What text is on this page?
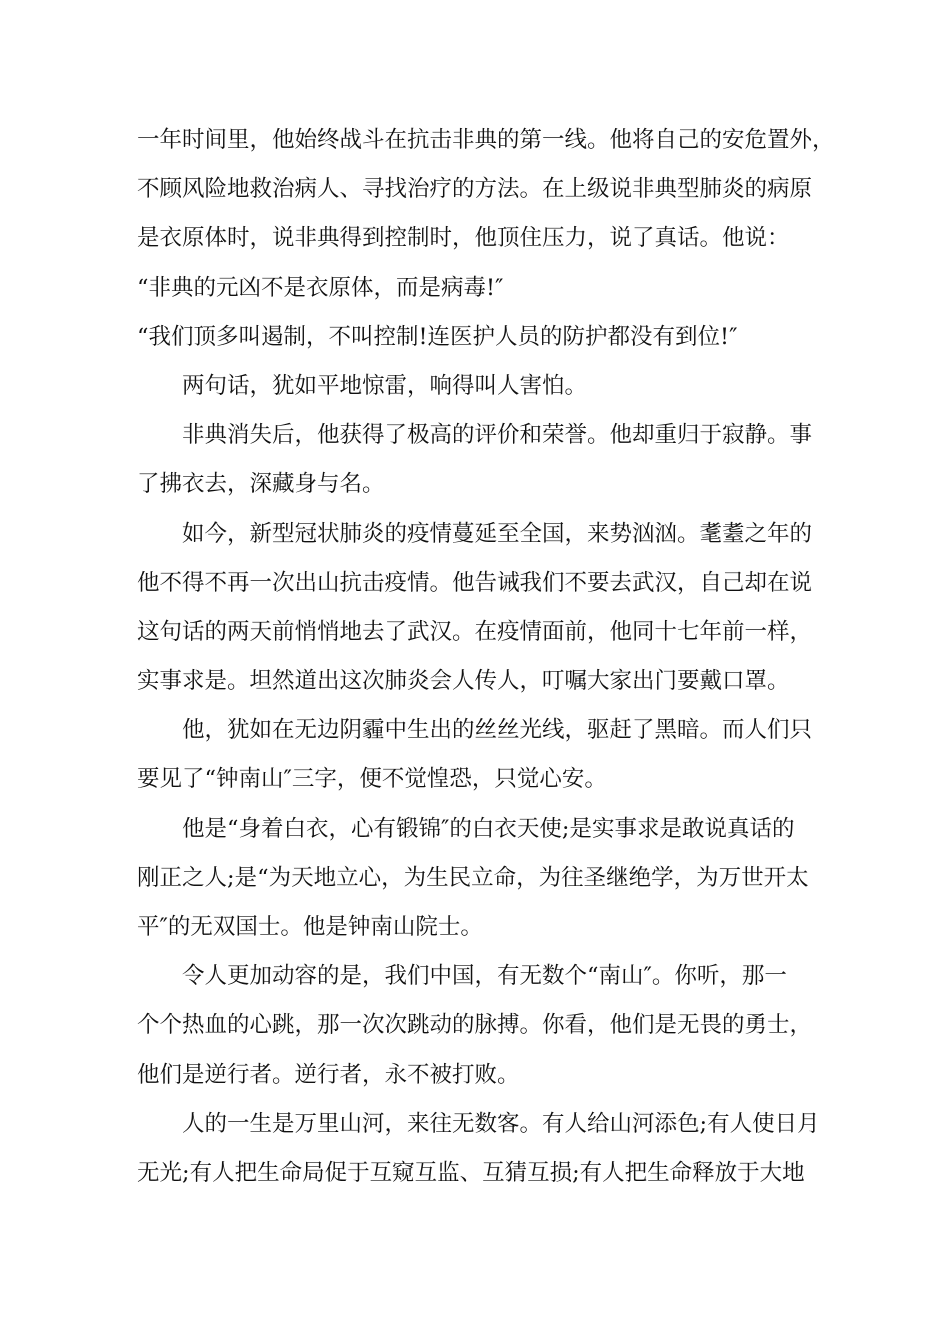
一年时间里，他始终战斗在抗击非典的第一线。他将自己的安危置外，
不顾风险地救治病人、寻找治疗的方法。在上级说非典型肺炎的病原
是衣原体时，说非典得到控制时，他顶住压力，说了真话。他说：
“非典的元凶不是衣原体，而是病毒!″
“我们顶多叫遏制，不叫控制!连医护人员的防护都没有到位!″
两句话，犹如平地惊雷，响得叫人害怕。
非典消失后，他获得了极高的评价和荣誉。他却重归于寂静。事
了拂衣去，深藏身与名。
如今，新型冠状肺炎的疫情蔓延至全国，来势汹汹。耄耋之年的
他不得不再一次出山抗击疫情。他告诫我们不要去武汉，自己却在说
这句话的两天前悄悄地去了武汉。在疫情面前，他同十七年前一样，
实事求是。坦然道出这次肺炎会人传人，叮嘱大家出门要戴口罩。
他，犹如在无边阴霾中生出的丝丝光线，驱赶了黑暗。而人们只
要见了“钟南山″三字，便不觉惶恐，只觉心安。
他是“身着白衣，心有锻锦″的白衣天使;是实事求是敢说真话的
刚正之人;是“为天地立心，为生民立命，为往圣继绝学，为万世开太
平″的无双国士。他是钟南山院士。
令人更加动容的是，我们中国，有无数个“南山″。你听，那一
个个热血的心跳，那一次次跳动的脉搏。你看，他们是无畏的勇士，
他们是逆行者。逆行者，永不被打败。
人的一生是万里山河，来往无数客。有人给山河添色;有人使日月
无光;有人把生命局促于互窥互监、互猜互损;有人把生命释放于大地
